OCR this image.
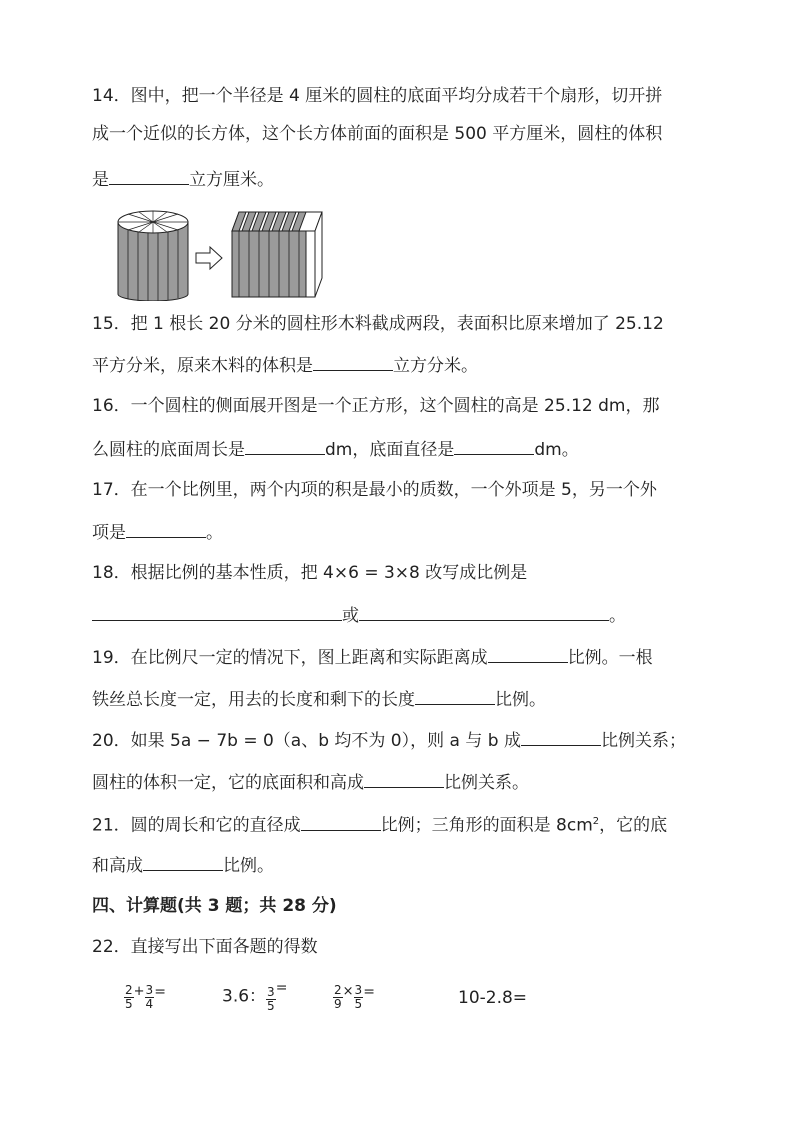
14．图中，把一个半径是 4 厘米的圆柱的底面平均分成若干个扇形，切开拼
成一个近似的长方体，这个长方体前面的面积是 500 平方厘米，圆柱的体积
是	立方厘米。
15．把 1 根长 20 分米的圆柱形木料截成两段，表面积比原来增加了 25.12
平方分米，原来木料的体积是	立方分米。
16．一个圆柱的侧面展开图是一个正方形，这个圆柱的高是 25.12 dm，那
么圆柱的底面周长是	dm，底面直径是	dm。
17．在一个比例里，两个内项的积是最小的质数，一个外项是 5，另一个外
项是	。
18．根据比例的基本性质，把 4×6 = 3×8 改写成比例是
或	。
19．在比例尺一定的情况下，图上距离和实际距离成	比例。一根
铁丝总长度一定，用去的长度和剩下的长度	比例。
20．如果 5a − 7b = 0（a、b 均不为 0），则 a 与 b 成	比例关系；
圆柱的体积一定，它的底面积和高成	比例关系。
21．圆的周长和它的直径成	比例；三角形的面积是 $8cm^2$，它的底
和高成	比例。
四、计算题(共 3 题；共 28 分)
22．直接写出下面各题的得数
$\frac{2}{5} ^+ \frac{3}{4} ^=$	3.6： $\frac{3}{5} ^=$	$\frac{2}{9} ^\times \frac{3}{5} ^=$	10-2.8=
